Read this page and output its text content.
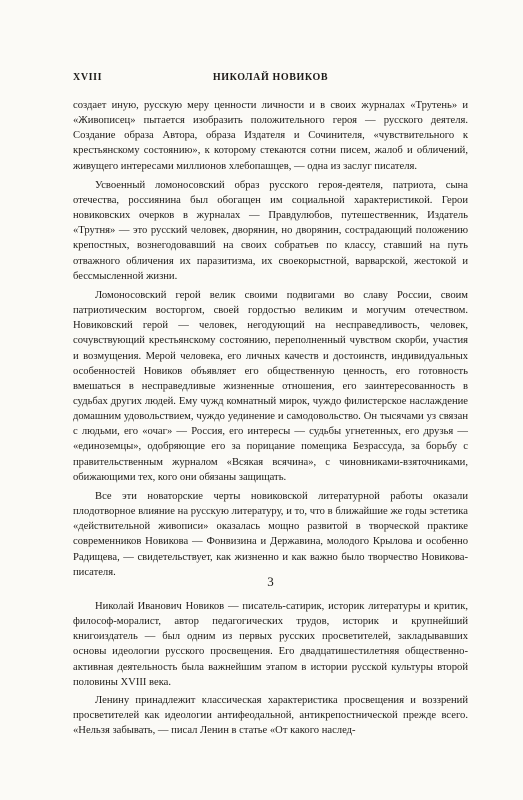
XVIII	НИКОЛАЙ НОВИКОВ

создает иную, русскую меру ценности личности и в своих журналах «Трутень» и «Живописец» пытается изобразить положительного героя — русского деятеля. Создание образа Автора, образа Издателя и Сочинителя, «чувствительного к крестьянскому состоянию», к которому стекаются сотни писем, жалоб и обличений, живущего интересами миллионов хлебопашцев, — одна из заслуг писателя.

Усвоенный ломоносовский образ русского героя-деятеля, патриота, сына отечества, россиянина был обогащен им социальной характеристикой. Герои новиковских очерков в журналах — Правдулюбов, путешественник, Издатель «Трутня» — это русский человек, дворянин, но дворянин, сострадающий положению крепостных, вознегодовавший на своих собратьев по классу, ставший на путь отважного обличения их паразитизма, их своекорыстной, варварской, жестокой и бессмысленной жизни.

Ломоносовский герой велик своими подвигами во славу России, своим патриотическим восторгом, своей гордостью великим и могучим отечеством. Новиковский герой — человек, негодующий на несправедливость, человек, сочувствующий крестьянскому состоянию, переполненный чувством скорби, участия и возмущения. Мерой человека, его личных качеств и достоинств, индивидуальных особенностей Новиков объявляет его общественную ценность, его готовность вмешаться в несправедливые жизненные отношения, его заинтересованность в судьбах других людей. Ему чужд комнатный мирок, чуждо филистерское наслаждение домашним удовольствием, чуждо уединение и самодовольство. Он тысячами уз связан с людьми, его «очаг» — Россия, его интересы — судьбы угнетенных, его друзья — «единоземцы», одобряющие его за порицание помещика Безрассуда, за борьбу с правительственным журналом «Всякая всячина», с чиновниками-взяточниками, обижающими тех, кого они обязаны защищать.

Все эти новаторские черты новиковской литературной работы оказали плодотворное влияние на русскую литературу, и то, что в ближайшие же годы эстетика «действительной живописи» оказалась мощно развитой в творческой практике современников Новикова — Фонвизина и Державина, молодого Крылова и особенно Радищева, — свидетельствует, как жизненно и как важно было творчество Новикова-писателя.

3

Николай Иванович Новиков — писатель-сатирик, историк литературы и критик, философ-моралист, автор педагогических трудов, историк и крупнейший книгоиздатель — был одним из первых русских просветителей, закладывавших основы идеологии русского просвещения. Его двадцатишестилетняя общественно-активная деятельность была важнейшим этапом в истории русской культуры второй половины XVIII века.

Ленину принадлежит классическая характеристика просвещения и воззрений просветителей как идеологии антифеодальной, антикрепостнической прежде всего. «Нельзя забывать, — писал Ленин в статье «От какого наслед-
